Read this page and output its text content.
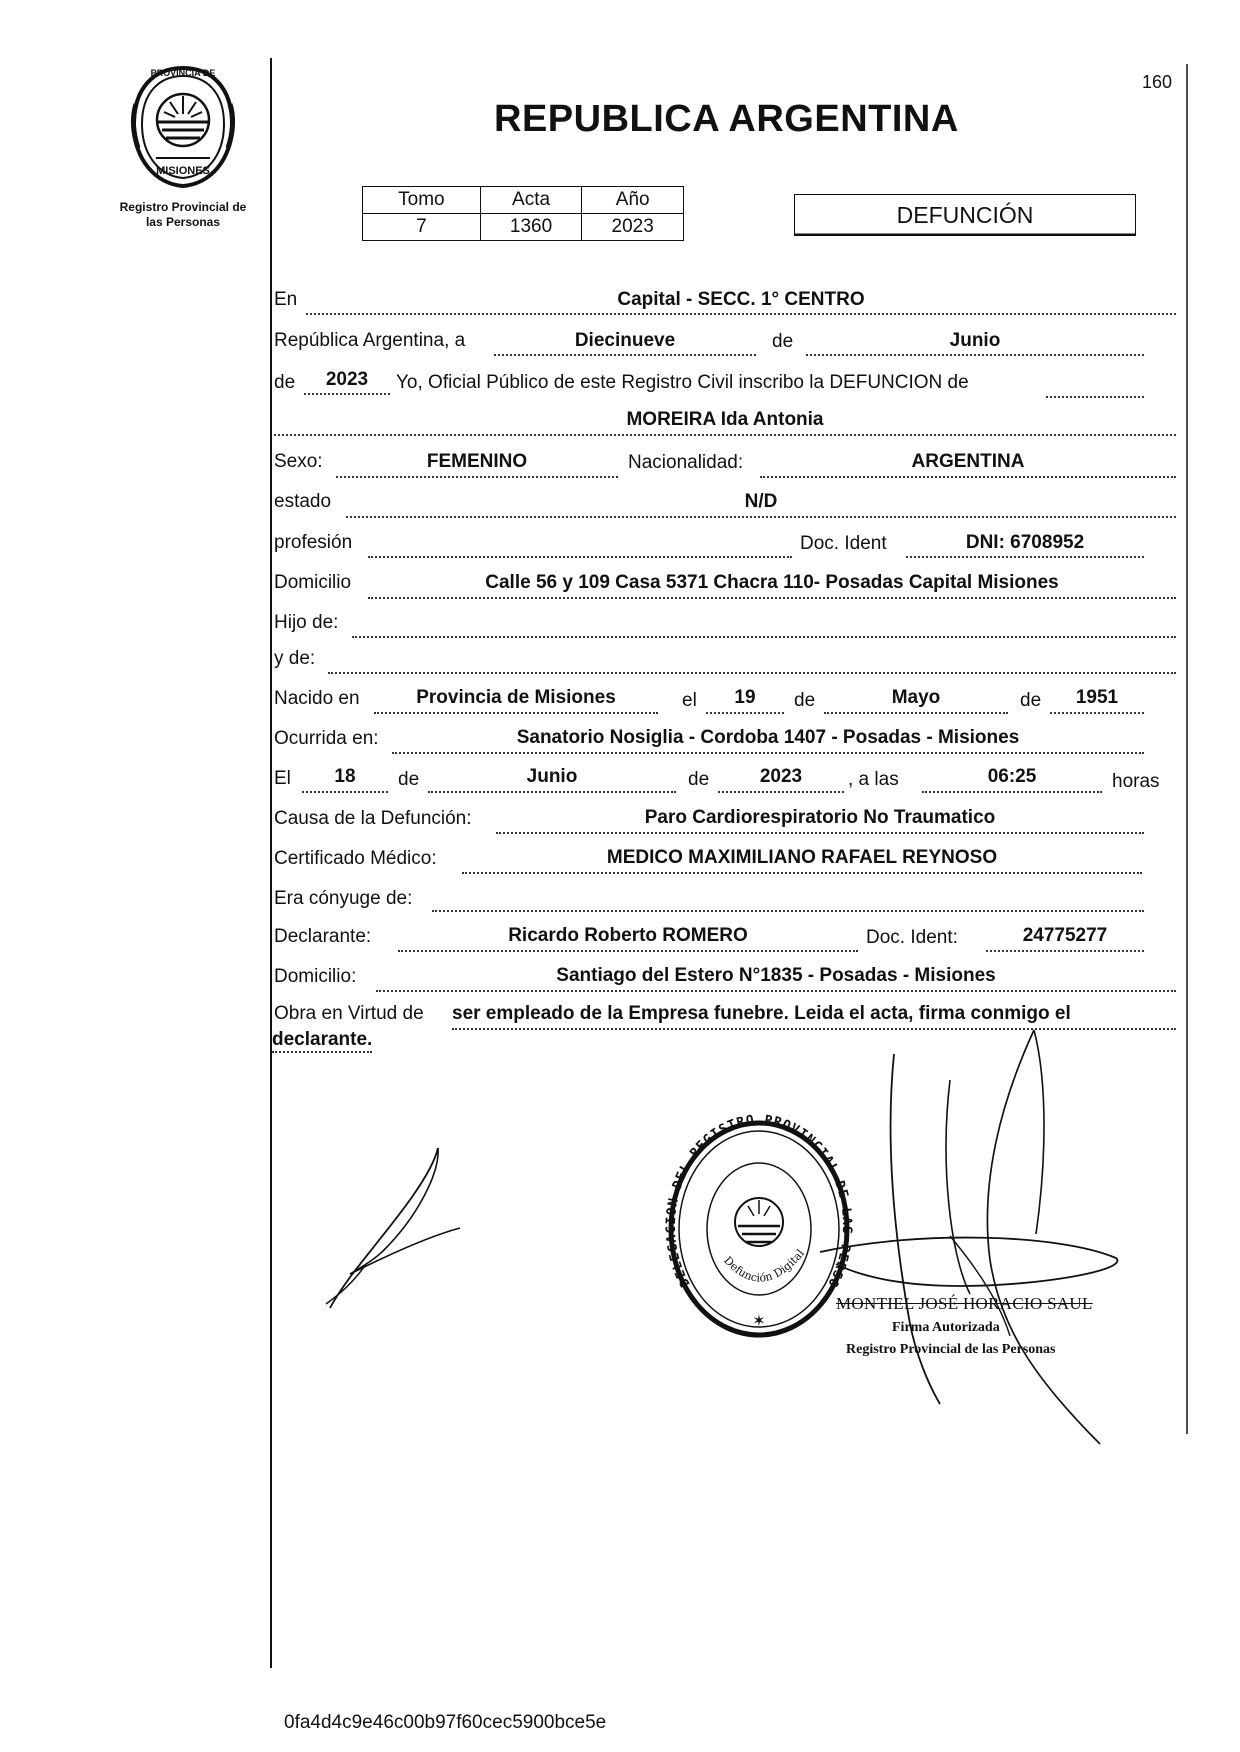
PROVINCIA DE
MISIONES
Registro Provincial de
las Personas
160
REPUBLICA ARGENTINA
Tomo	Acta	Año
7	1360	2023	DEFUNCIÓN
En	Capital - SECC. 1° CENTRO
República Argentina, a	Diecinueve	de	Junio
de	2023	Yo, Oficial Público de este Registro Civil inscribo la DEFUNCION de
MOREIRA Ida Antonia
Sexo:	FEMENINO	Nacionalidad:	ARGENTINA
estado	N/D
profesión	Doc. Ident	DNI: 6708952
Domicilio	Calle 56 y 109 Casa 5371 Chacra 110- Posadas Capital Misiones
Hijo de:
y de:
Nacido en	Provincia de Misiones	el	19	de	Mayo	de	1951
Ocurrida en:	Sanatorio Nosiglia - Cordoba 1407 - Posadas - Misiones
El	18	de	Junio	de	2023	, a las	06:25	horas
Causa de la Defunción:	Paro Cardiorespiratorio No Traumatico
Certificado Médico:	MEDICO MAXIMILIANO RAFAEL REYNOSO
Era cónyuge de:
Declarante:	Ricardo Roberto ROMERO	Doc. Ident:	24775277
Domicilio:	Santiago del Estero N°1835 - Posadas - Misiones
Obra en Virtud de ser empleado de la Empresa funebre. Leida el acta, firma conmigo el
declarante.
✶
DELEGACION DEL REGISTRO PROVINCIAL DE LAS PERSO
Defunción Digital
MONTIEL JOSÉ HORACIO SAUL
Firma Autorizada
Registro Provincial de las Personas
0fa4d4c9e46c00b97f60cec5900bce5e
